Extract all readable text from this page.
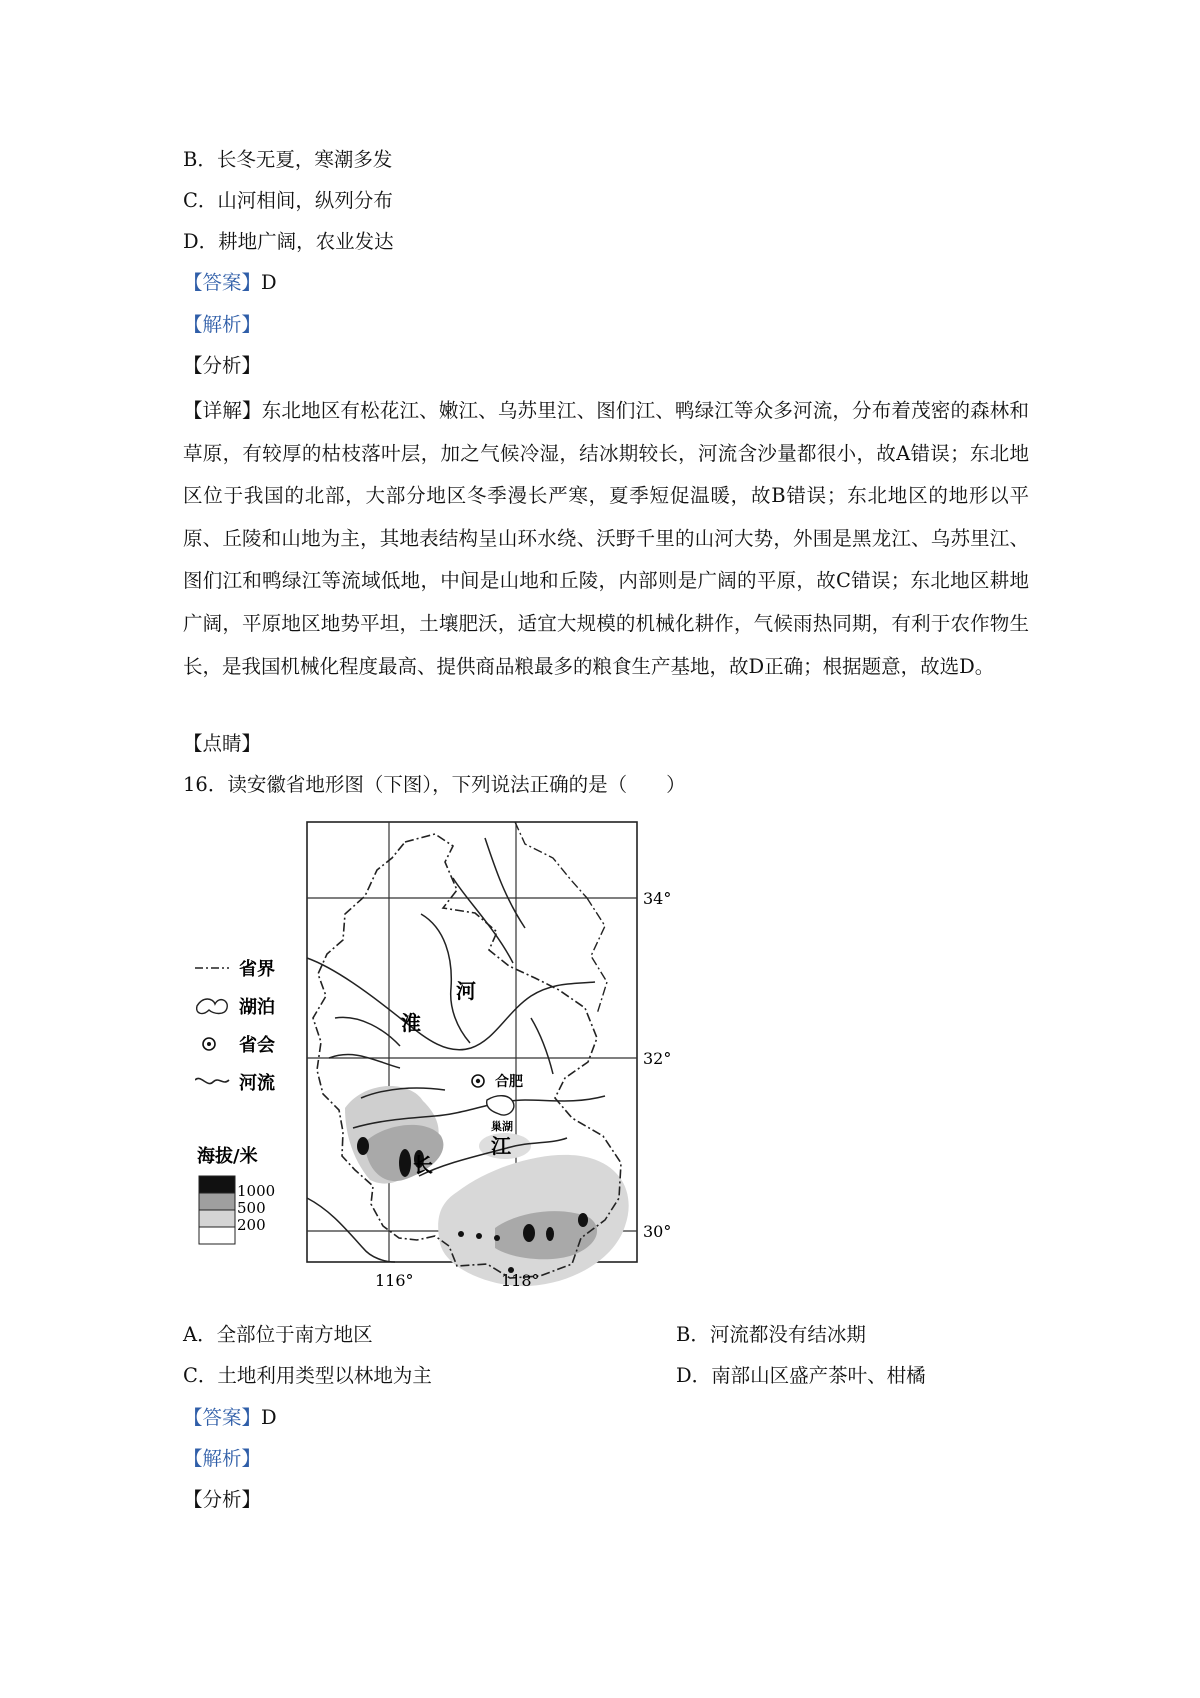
B．长冬无夏，寒潮多发
C．山河相间，纵列分布
D．耕地广阔，农业发达
【答案】D
【解析】
【分析】
【详解】东北地区有松花江、嫩江、乌苏里江、图们江、鸭绿江等众多河流，分布着茂密的森林和草原，有较厚的枯枝落叶层，加之气候冷湿，结冰期较长，河流含沙量都很小，故A错误；东北地区位于我国的北部，大部分地区冬季漫长严寒，夏季短促温暖，故B错误；东北地区的地形以平原、丘陵和山地为主，其地表结构呈山环水绕、沃野千里的山河大势，外围是黑龙江、乌苏里江、图们江和鸭绿江等流域低地，中间是山地和丘陵，内部则是广阔的平原，故C错误；东北地区耕地广阔，平原地区地势平坦，土壤肥沃，适宜大规模的机械化耕作，气候雨热同期，有利于农作物生长，是我国机械化程度最高、提供商品粮最多的粮食生产基地，故D正确；根据题意，故选D。
【点睛】
16．读安徽省地形图（下图），下列说法正确的是（　　）
合肥
巢湖
河
淮
长
江
34°
32°
30°
116°	118°
省界
湖泊
省会
河流
海拔/米
1000
500
200
A．全部位于南方地区	B．河流都没有结冰期
C．土地利用类型以林地为主	D．南部山区盛产茶叶、柑橘
【答案】D
【解析】
【分析】
